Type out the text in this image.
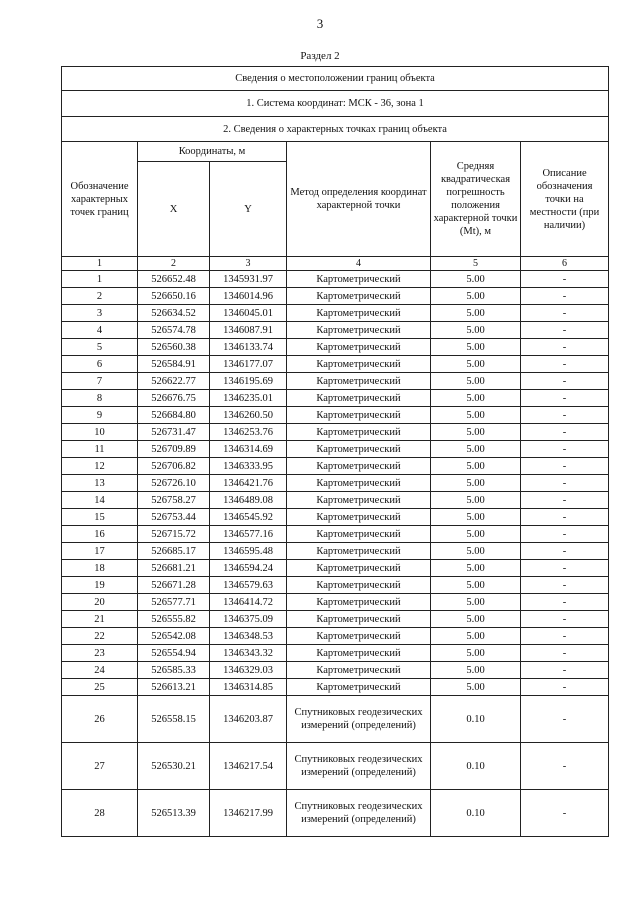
3
Раздел 2
Сведения о местоположении границ объекта					
1. Система координат: МСК - 36, зона 1					
2. Сведения о характерных точках границ объекта					
Обозначение характерных точек границ	Координаты, м		Метод определения координат характерной точки	Средняя квадратическая погрешность положения характерной точки (Mt), м	Описание обозначения точки на местности (при наличии)
	X	Y			
1	2	3	4	5	6
1	526652.48	1345931.97	Картометрический	5.00	-
2	526650.16	1346014.96	Картометрический	5.00	-
3	526634.52	1346045.01	Картометрический	5.00	-
4	526574.78	1346087.91	Картометрический	5.00	-
5	526560.38	1346133.74	Картометрический	5.00	-
6	526584.91	1346177.07	Картометрический	5.00	-
7	526622.77	1346195.69	Картометрический	5.00	-
8	526676.75	1346235.01	Картометрический	5.00	-
9	526684.80	1346260.50	Картометрический	5.00	-
10	526731.47	1346253.76	Картометрический	5.00	-
11	526709.89	1346314.69	Картометрический	5.00	-
12	526706.82	1346333.95	Картометрический	5.00	-
13	526726.10	1346421.76	Картометрический	5.00	-
14	526758.27	1346489.08	Картометрический	5.00	-
15	526753.44	1346545.92	Картометрический	5.00	-
16	526715.72	1346577.16	Картометрический	5.00	-
17	526685.17	1346595.48	Картометрический	5.00	-
18	526681.21	1346594.24	Картометрический	5.00	-
19	526671.28	1346579.63	Картометрический	5.00	-
20	526577.71	1346414.72	Картометрический	5.00	-
21	526555.82	1346375.09	Картометрический	5.00	-
22	526542.08	1346348.53	Картометрический	5.00	-
23	526554.94	1346343.32	Картометрический	5.00	-
24	526585.33	1346329.03	Картометрический	5.00	-
25	526613.21	1346314.85	Картометрический	5.00	-
26	526558.15	1346203.87	Спутниковых геодезических измерений (определений)	0.10	-
27	526530.21	1346217.54	Спутниковых геодезических измерений (определений)	0.10	-
28	526513.39	1346217.99	Спутниковых геодезических измерений (определений)	0.10	-
